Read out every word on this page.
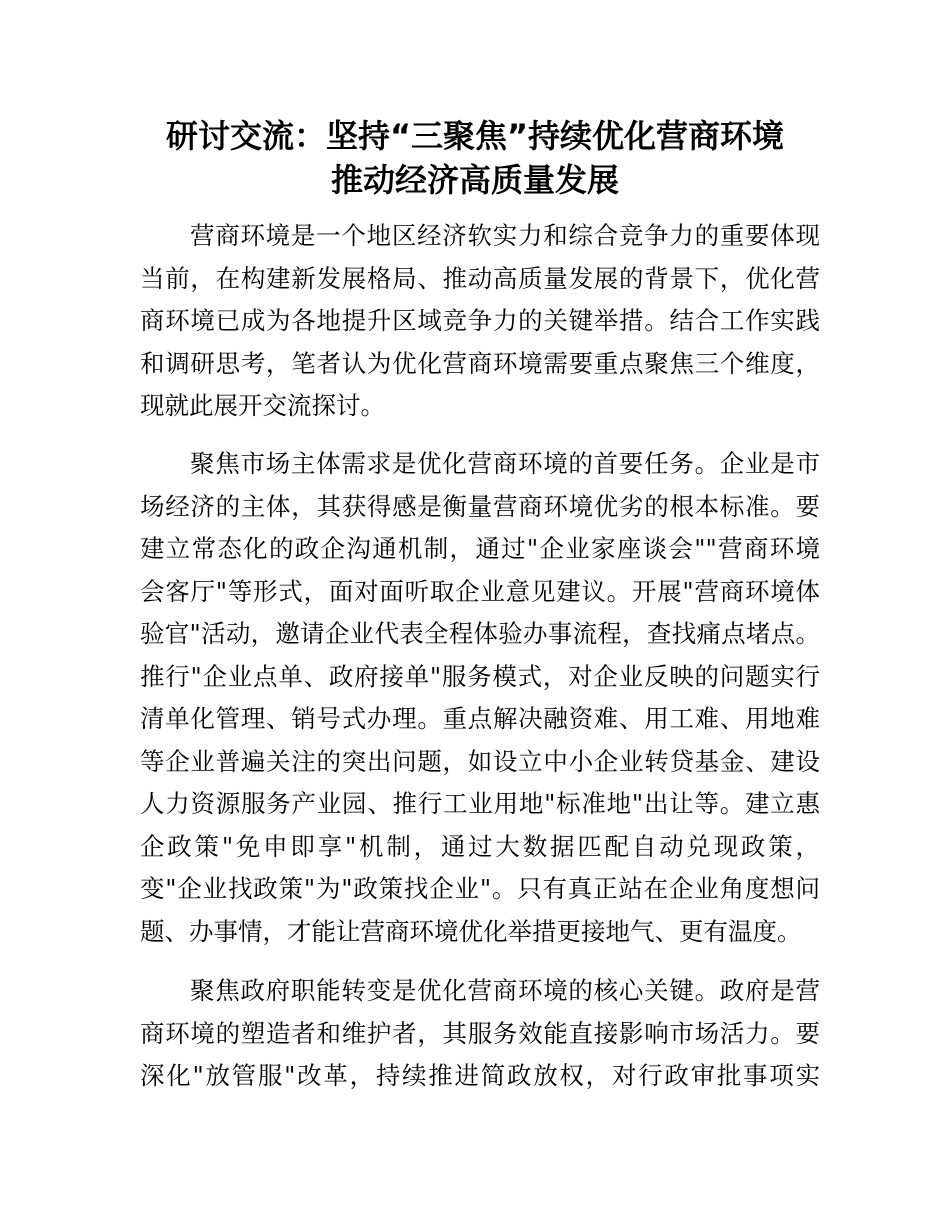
研讨交流：坚持“三聚焦”持续优化营商环境
推动经济高质量发展
营商环境是一个地区经济软实力和综合竞争力的重要体现
当前，在构建新发展格局、推动高质量发展的背景下，优化营
商环境已成为各地提升区域竞争力的关键举措。结合工作实践
和调研思考，笔者认为优化营商环境需要重点聚焦三个维度，
现就此展开交流探讨。
聚焦市场主体需求是优化营商环境的首要任务。企业是市
场经济的主体，其获得感是衡量营商环境优劣的根本标准。要
建立常态化的政企沟通机制，通过"企业家座谈会""营商环境
会客厅"等形式，面对面听取企业意见建议。开展"营商环境体
验官"活动，邀请企业代表全程体验办事流程，查找痛点堵点。
推行"企业点单、政府接单"服务模式，对企业反映的问题实行
清单化管理、销号式办理。重点解决融资难、用工难、用地难
等企业普遍关注的突出问题，如设立中小企业转贷基金、建设
人力资源服务产业园、推行工业用地"标准地"出让等。建立惠
企政策"免申即享"机制，通过大数据匹配自动兑现政策，
变"企业找政策"为"政策找企业"。只有真正站在企业角度想问
题、办事情，才能让营商环境优化举措更接地气、更有温度。
聚焦政府职能转变是优化营商环境的核心关键。政府是营
商环境的塑造者和维护者，其服务效能直接影响市场活力。要
深化"放管服"改革，持续推进简政放权，对行政审批事项实
